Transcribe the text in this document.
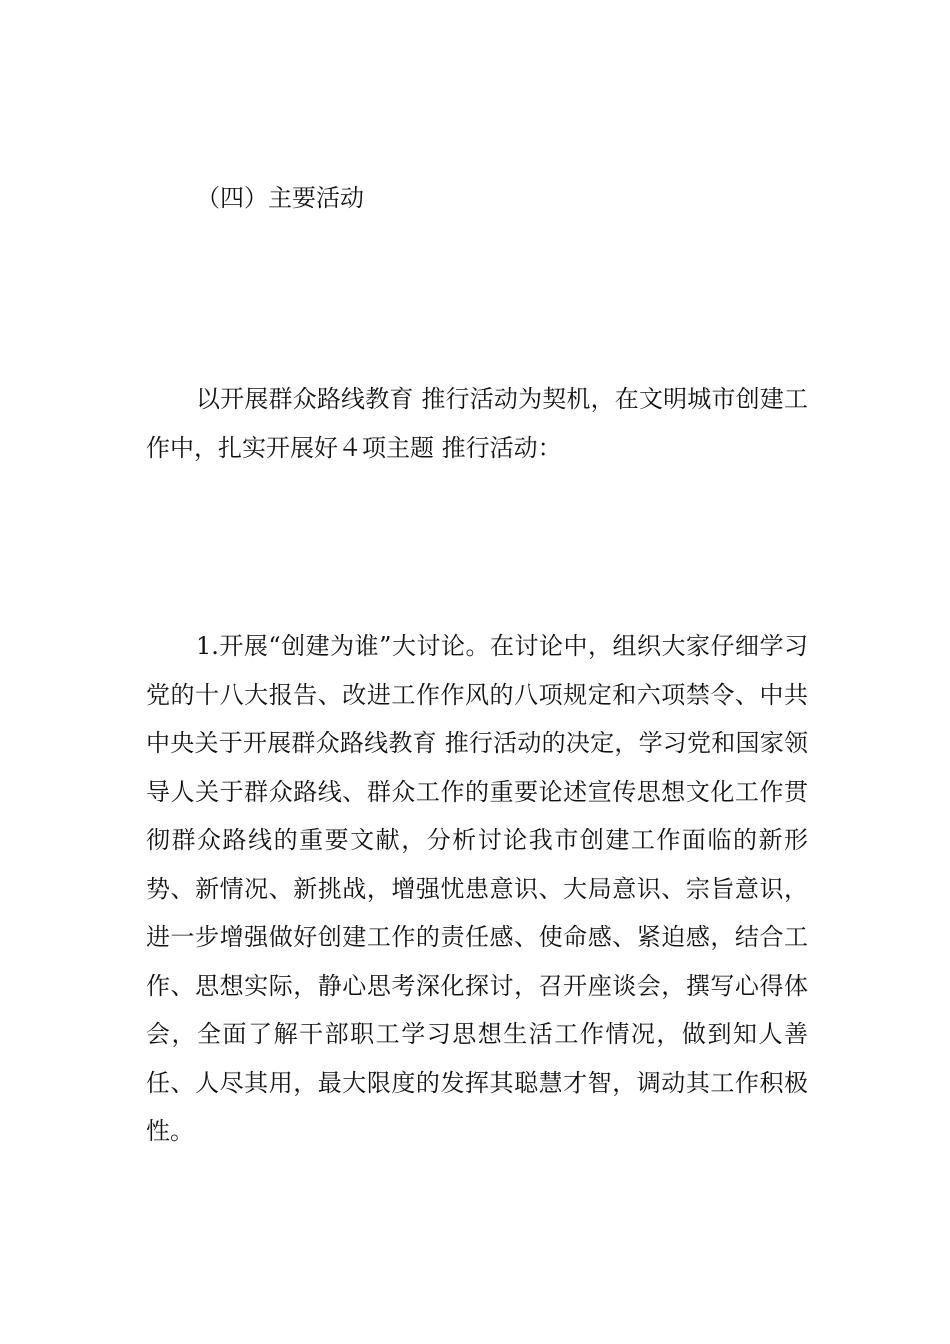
（四）主要活动

以开展群众路线教育 推行活动为契机，在文明城市创建工作中，扎实开展好４项主题 推行活动：

1.开展“创建为谁”大讨论。在讨论中，组织大家仔细学习党的十八大报告、改进工作作风的八项规定和六项禁令、中共中央关于开展群众路线教育 推行活动的决定，学习党和国家领导人关于群众路线、群众工作的重要论述宣传思想文化工作贯彻群众路线的重要文献，分析讨论我市创建工作面临的新形势、新情况、新挑战，增强忧患意识、大局意识、宗旨意识，进一步增强做好创建工作的责任感、使命感、紧迫感，结合工作、思想实际，静心思考深化探讨，召开座谈会，撰写心得体会，全面了解干部职工学习思想生活工作情况，做到知人善任、人尽其用，最大限度的发挥其聪慧才智，调动其工作积极性。
